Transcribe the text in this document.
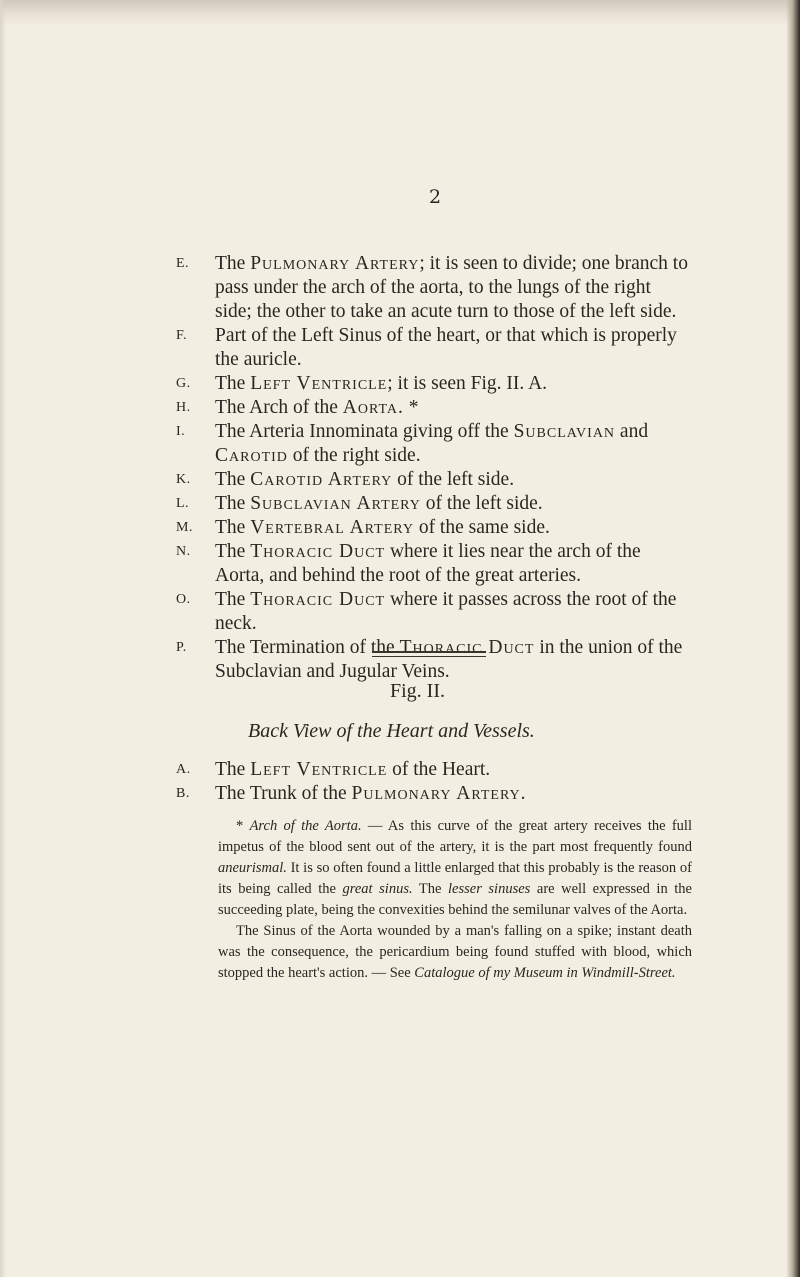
2

E. The Pulmonary Artery; it is seen to divide; one branch to pass under the arch of the aorta, to the lungs of the right side; the other to take an acute turn to those of the left side.

F. Part of the Left Sinus of the heart, or that which is properly the auricle.

G. The Left Ventricle; it is seen Fig. II. A.

H. The Arch of the Aorta. *

I. The Arteria Innominata giving off the Subclavian and Carotid of the right side.

K. The Carotid Artery of the left side.

L. The Subclavian Artery of the left side.

M. The Vertebral Artery of the same side.

N. The Thoracic Duct where it lies near the arch of the Aorta, and behind the root of the great arteries.

O. The Thoracic Duct where it passes across the root of the neck.

P. The Termination of the Thoracic Duct in the union of the Subclavian and Jugular Veins.

Fig. II.
Back View of the Heart and Vessels.

A. The Left Ventricle of the Heart.

B. The Trunk of the Pulmonary Artery.

* Arch of the Aorta. — As this curve of the great artery receives the full impetus of the blood sent out of the artery, it is the part most frequently found aneurismal. It is so often found a little enlarged that this probably is the reason of its being called the great sinus. The lesser sinuses are well expressed in the succeeding plate, being the convexities behind the semilunar valves of the Aorta.

The Sinus of the Aorta wounded by a man's falling on a spike; instant death was the consequence, the pericardium being found stuffed with blood, which stopped the heart's action. — See Catalogue of my Museum in Windmill-Street.
